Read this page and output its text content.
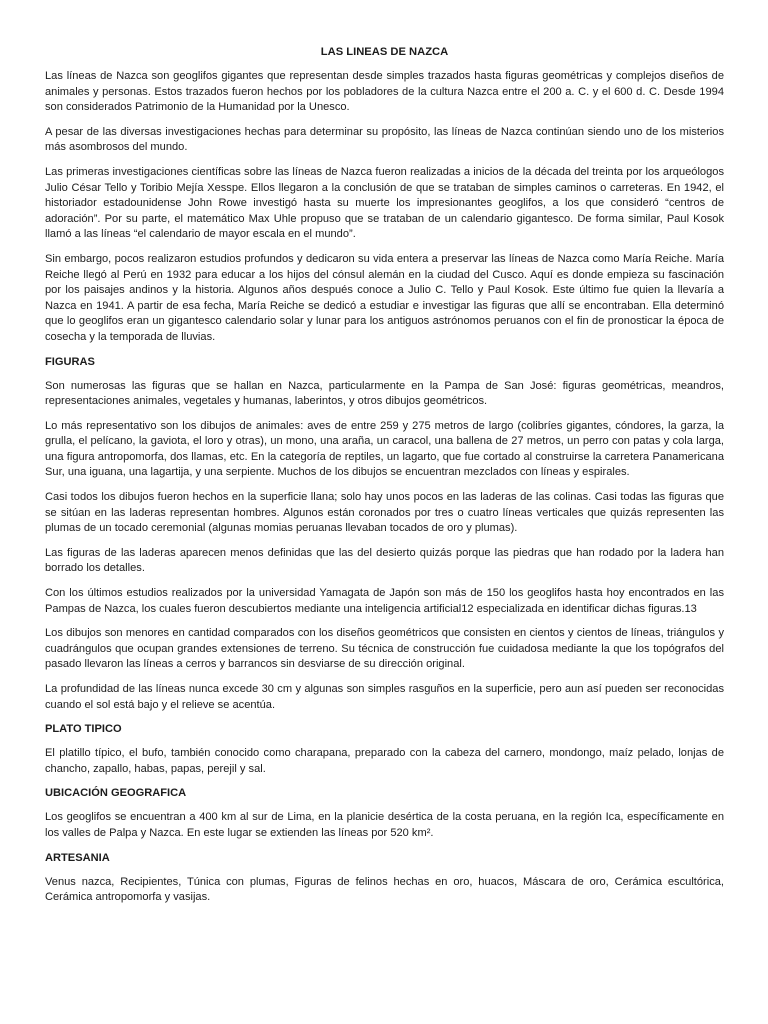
LAS LINEAS DE NAZCA

Las líneas de Nazca son geoglifos gigantes que representan desde simples trazados hasta figuras geométricas y complejos diseños de animales y personas. Estos trazados fueron hechos por los pobladores de la cultura Nazca entre el 200 a. C. y el 600 d. C. Desde 1994 son considerados Patrimonio de la Humanidad por la Unesco.

A pesar de las diversas investigaciones hechas para determinar su propósito, las líneas de Nazca continúan siendo uno de los misterios más asombrosos del mundo.

Las primeras investigaciones científicas sobre las líneas de Nazca fueron realizadas a inicios de la década del treinta por los arqueólogos Julio César Tello y Toribio Mejía Xesspe. Ellos llegaron a la conclusión de que se trataban de simples caminos o carreteras. En 1942, el historiador estadounidense John Rowe investigó hasta su muerte los impresionantes geoglifos, a los que consideró “centros de adoración”. Por su parte, el matemático Max Uhle propuso que se trataban de un calendario gigantesco. De forma similar, Paul Kosok llamó a las líneas “el calendario de mayor escala en el mundo”.

Sin embargo, pocos realizaron estudios profundos y dedicaron su vida entera a preservar las líneas de Nazca como María Reiche. María Reiche llegó al Perú en 1932 para educar a los hijos del cónsul alemán en la ciudad del Cusco. Aquí es donde empieza su fascinación por los paisajes andinos y la historia. Algunos años después conoce a Julio C. Tello y Paul Kosok. Este último fue quien la llevaría a Nazca en 1941. A partir de esa fecha, María Reiche se dedicó a estudiar e investigar las figuras que allí se encontraban. Ella determinó que lo geoglifos eran un gigantesco calendario solar y lunar para los antiguos astrónomos peruanos con el fin de pronosticar la época de cosecha y la temporada de lluvias.

FIGURAS

Son numerosas las figuras que se hallan en Nazca, particularmente en la Pampa de San José: figuras geométricas, meandros, representaciones animales, vegetales y humanas, laberintos, y otros dibujos geométricos.

Lo más representativo son los dibujos de animales: aves de entre 259 y 275 metros de largo (colibríes gigantes, cóndores, la garza, la grulla, el pelícano, la gaviota, el loro y otras), un mono, una araña, un caracol, una ballena de 27 metros, un perro con patas y cola larga, una figura antropomorfa, dos llamas, etc. En la categoría de reptiles, un lagarto, que fue cortado al construirse la carretera Panamericana Sur, una iguana, una lagartija, y una serpiente. Muchos de los dibujos se encuentran mezclados con líneas y espirales.

Casi todos los dibujos fueron hechos en la superficie llana; solo hay unos pocos en las laderas de las colinas. Casi todas las figuras que se sitúan en las laderas representan hombres. Algunos están coronados por tres o cuatro líneas verticales que quizás representen las plumas de un tocado ceremonial (algunas momias peruanas llevaban tocados de oro y plumas).

Las figuras de las laderas aparecen menos definidas que las del desierto quizás porque las piedras que han rodado por la ladera han borrado los detalles.

Con los últimos estudios realizados por la universidad Yamagata de Japón son más de 150 los geoglifos hasta hoy encontrados en las Pampas de Nazca, los cuales fueron descubiertos mediante una inteligencia artificial12 especializada en identificar dichas figuras.13

Los dibujos son menores en cantidad comparados con los diseños geométricos que consisten en cientos y cientos de líneas, triángulos y cuadrángulos que ocupan grandes extensiones de terreno. Su técnica de construcción fue cuidadosa mediante la que los topógrafos del pasado llevaron las líneas a cerros y barrancos sin desviarse de su dirección original.

La profundidad de las líneas nunca excede 30 cm y algunas son simples rasguños en la superficie, pero aun así pueden ser reconocidas cuando el sol está bajo y el relieve se acentúa.

PLATO TIPICO

El platillo típico, el bufo, también conocido como charapana, preparado con la cabeza del carnero, mondongo, maíz pelado, lonjas de chancho, zapallo, habas, papas, perejil y sal.

UBICACIÓN GEOGRAFICA

Los geoglifos se encuentran a 400 km al sur de Lima, en la planicie desértica de la costa peruana, en la región Ica, específicamente en los valles de Palpa y Nazca. En este lugar se extienden las líneas por 520 km².

ARTESANIA

Venus nazca, Recipientes, Túnica con plumas, Figuras de felinos hechas en oro, huacos, Máscara de oro, Cerámica escultórica, Cerámica antropomorfa y vasijas.
